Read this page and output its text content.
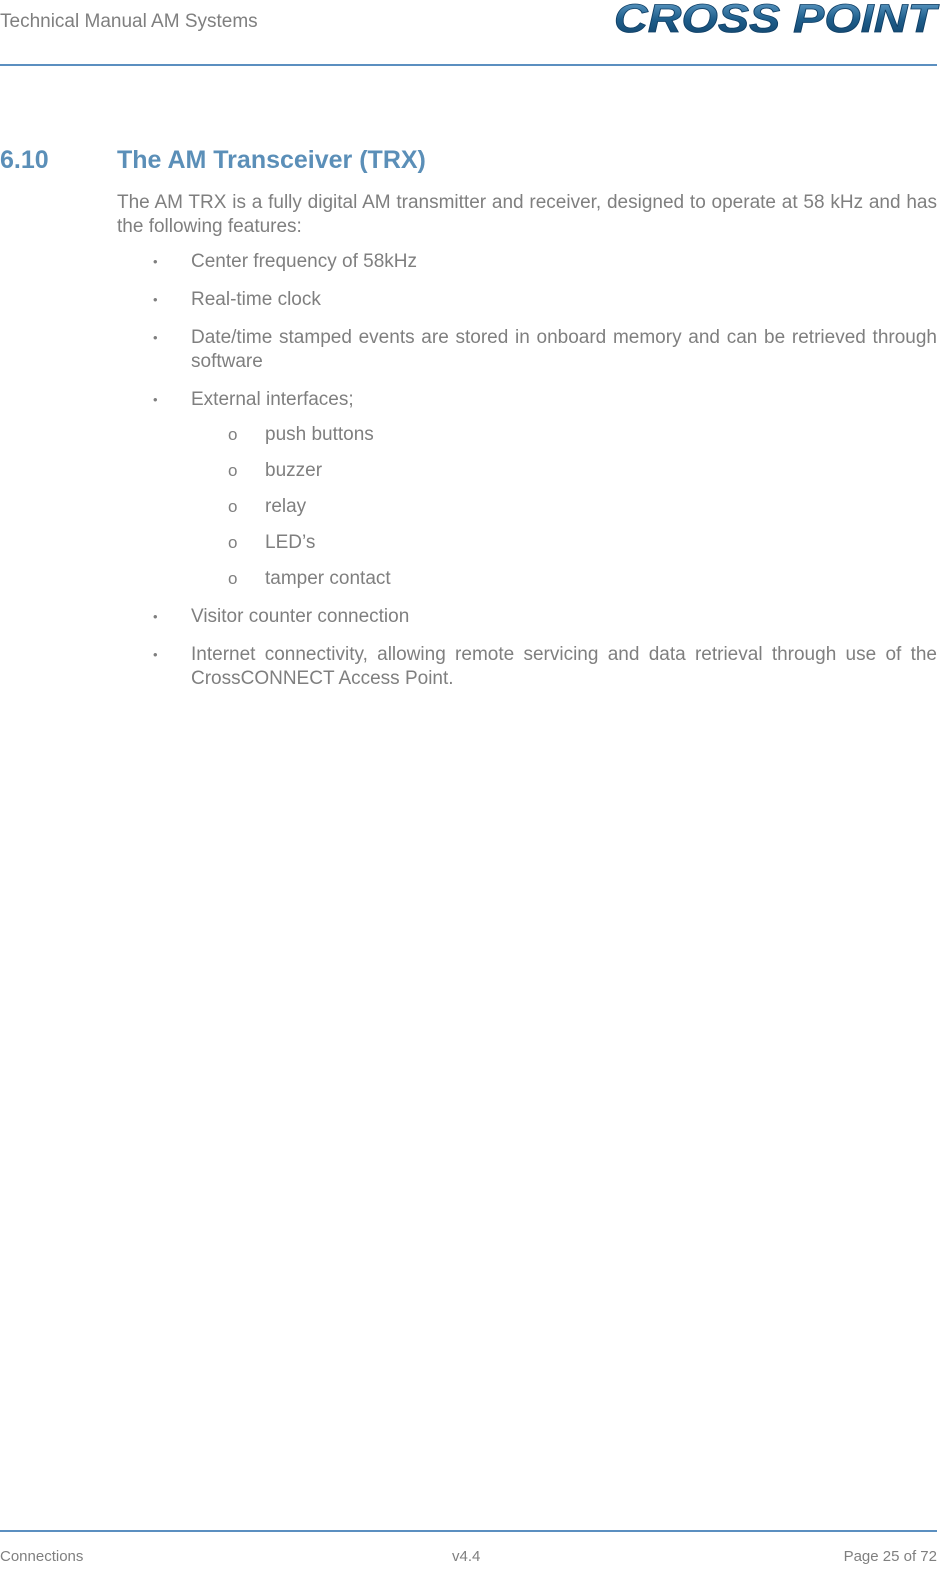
Technical Manual AM Systems	CROSS POINT
6.10	The AM Transceiver (TRX)

The AM TRX is a fully digital AM transmitter and receiver, designed to operate at 58 kHz and has the following features:

• Center frequency of 58kHz
• Real-time clock
• Date/time stamped events are stored in onboard memory and can be retrieved through software
• External interfaces;
o push buttons
o buzzer
o relay
o LED’s
o tamper contact
• Visitor counter connection
• Internet connectivity, allowing remote servicing and data retrieval through use of the CrossCONNECT Access Point.
Connections	v4.4	Page 25 of 72
